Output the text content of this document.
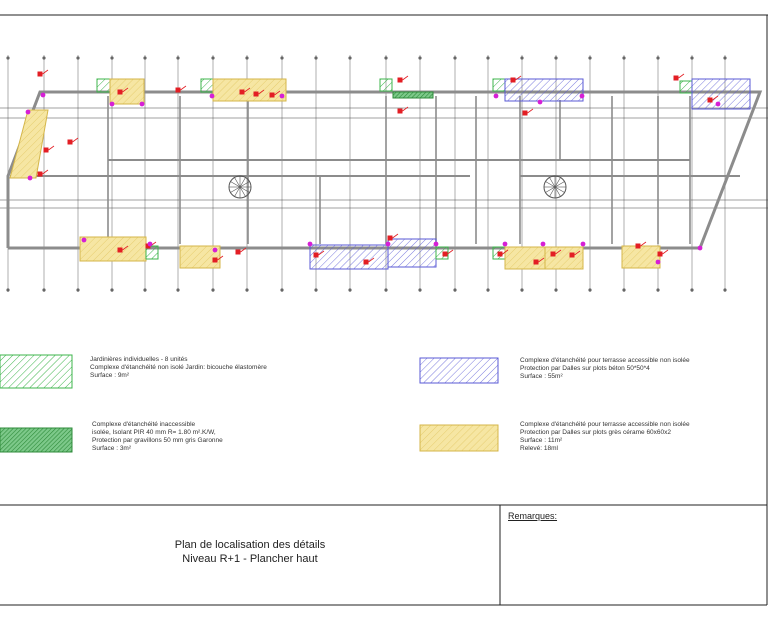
Jardinières individuelles - 8 unités
Complexe d'étanchéité non isolé Jardin: bicouche élastomère
Surface : 9m²
Complexe d'étanchéité inaccessible
isolée, Isolant PIR 40 mm R= 1.80 m².K/W,
Protection par gravillons 50 mm gris Garonne
Surface : 3m²
Complexe d'étanchéité pour terrasse accessible non isolée
Protection par Dalles sur plots béton 50*50*4
Surface : 55m²
Complexe d'étanchéité pour terrasse accessible non isolée
Protection par Dalles sur plots grès cérame 60x60x2
Surface : 11m²
Relevé: 18ml
Plan de localisation des détails
Niveau R+1 - Plancher haut
Remarques:
